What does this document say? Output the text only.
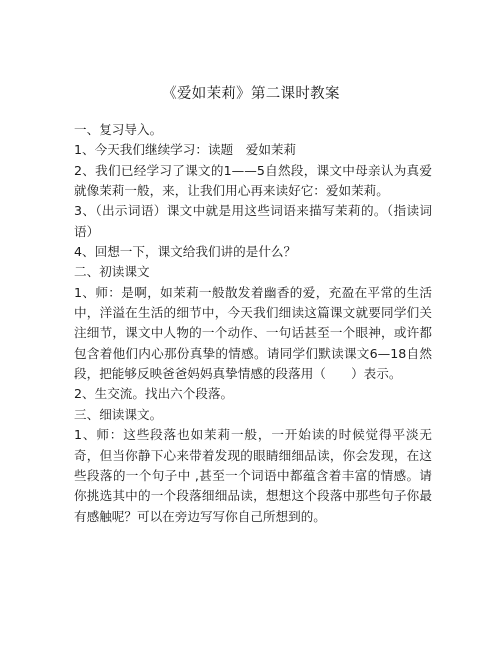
《爱如茉莉》第二课时教案

一、复习导入。

1、今天我们继续学习：读题　爱如茉莉

2、我们已经学习了课文的1——5自然段，课文中母亲认为真爱就像茉莉一般，来，让我们用心再来读好它：爱如茉莉。

3、（出示词语）课文中就是用这些词语来描写茉莉的。（指读词语）

4、回想一下，课文给我们讲的是什么？

二、初读课文

1、师：是啊，如茉莉一般散发着幽香的爱，充盈在平常的生活中，洋溢在生活的细节中，今天我们细读这篇课文就要同学们关注细节，课文中人物的一个动作、一句话甚至一个眼神，或许都包含着他们内心那份真挚的情感。请同学们默读课文6—18自然段，把能够反映爸爸妈妈真挚情感的段落用（　　）表示。

2、生交流。找出六个段落。

三、细读课文。

1、师：这些段落也如茉莉一般，一开始读的时候觉得平淡无奇，但当你静下心来带着发现的眼睛细细品读，你会发现，在这些段落的一个句子中 ,甚至一个词语中都蕴含着丰富的情感。请你挑选其中的一个段落细细品读，想想这个段落中那些句子你最有感触呢？可以在旁边写写你自己所想到的。
